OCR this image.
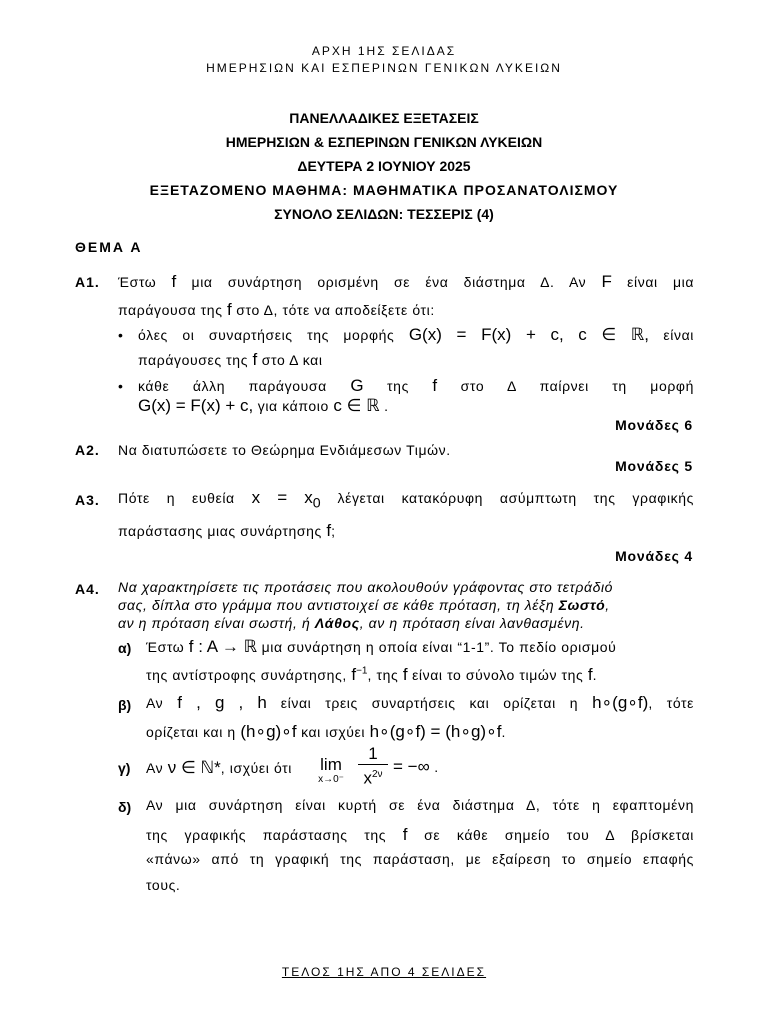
ΑΡΧΗ 1ΗΣ ΣΕΛΙΔΑΣ
ΗΜΕΡΗΣΙΩΝ ΚΑΙ ΕΣΠΕΡΙΝΩΝ ΓΕΝΙΚΩΝ ΛΥΚΕΙΩΝ
ΠΑΝΕΛΛΑΔΙΚΕΣ ΕΞΕΤΑΣΕΙΣ
ΗΜΕΡΗΣΙΩΝ & ΕΣΠΕΡΙΝΩΝ ΓΕΝΙΚΩΝ ΛΥΚΕΙΩΝ
ΔΕΥΤΕΡΑ 2 ΙΟΥΝΙΟΥ 2025
ΕΞΕΤΑΖΟΜΕΝΟ ΜΑΘΗΜΑ: ΜΑΘΗΜΑΤΙΚΑ ΠΡΟΣΑΝΑΤΟΛΙΣΜΟΥ
ΣΥΝΟΛΟ ΣΕΛΙΔΩΝ: ΤΕΣΣΕΡΙΣ (4)
ΘΕΜΑ Α
Α1. Έστω f μια συνάρτηση ορισμένη σε ένα διάστημα Δ. Αν F είναι μια
παράγουσα της f στο Δ, τότε να αποδείξετε ότι:
• όλες οι συναρτήσεις της μορφής G(x) = F(x) + c, c ∈ ℝ, είναι
παράγουσες της f στο Δ και
• κάθε άλλη παράγουσα G της f στο Δ παίρνει τη μορφή
G(x) = F(x) + c, για κάποιο c ∈ ℝ .
Μονάδες 6
Α2. Να διατυπώσετε το Θεώρημα Ενδιάμεσων Τιμών.
Μονάδες 5
Α3. Πότε η ευθεία $x = x_0$ λέγεται κατακόρυφη ασύμπτωτη της γραφικής
παράστασης μιας συνάρτησης f;
Μονάδες 4
Α4. Να χαρακτηρίσετε τις προτάσεις που ακολουθούν γράφοντας στο τετράδιό
σας, δίπλα στο γράμμα που αντιστοιχεί σε κάθε πρόταση, τη λέξη Σωστό,
αν η πρόταση είναι σωστή, ή Λάθος, αν η πρόταση είναι λανθασμένη.
α) Έστω f : A → ℝ μια συνάρτηση η οποία είναι “1-1”. Το πεδίο ορισμού
της αντίστροφης συνάρτησης, $f^{-1}$, της f είναι το σύνολο τιμών της f.
β) Αν f , g , h είναι τρεις συναρτήσεις και ορίζεται η h∘(g∘f), τότε
ορίζεται και η (h∘g)∘f και ισχύει h∘(g∘f) = (h∘g)∘f.
γ) Αν ν ∈ ℕ*, ισχύει ότι lim
x→0⁻
1
$x^{2\nu}$ = −∞ .
δ) Αν μια συνάρτηση είναι κυρτή σε ένα διάστημα Δ, τότε η εφαπτομένη
της γραφικής παράστασης της f σε κάθε σημείο του Δ βρίσκεται
«πάνω» από τη γραφική της παράσταση, με εξαίρεση το σημείο επαφής
τους.
ΤΕΛΟΣ 1ΗΣ ΑΠΟ 4 ΣΕΛΙΔΕΣ
